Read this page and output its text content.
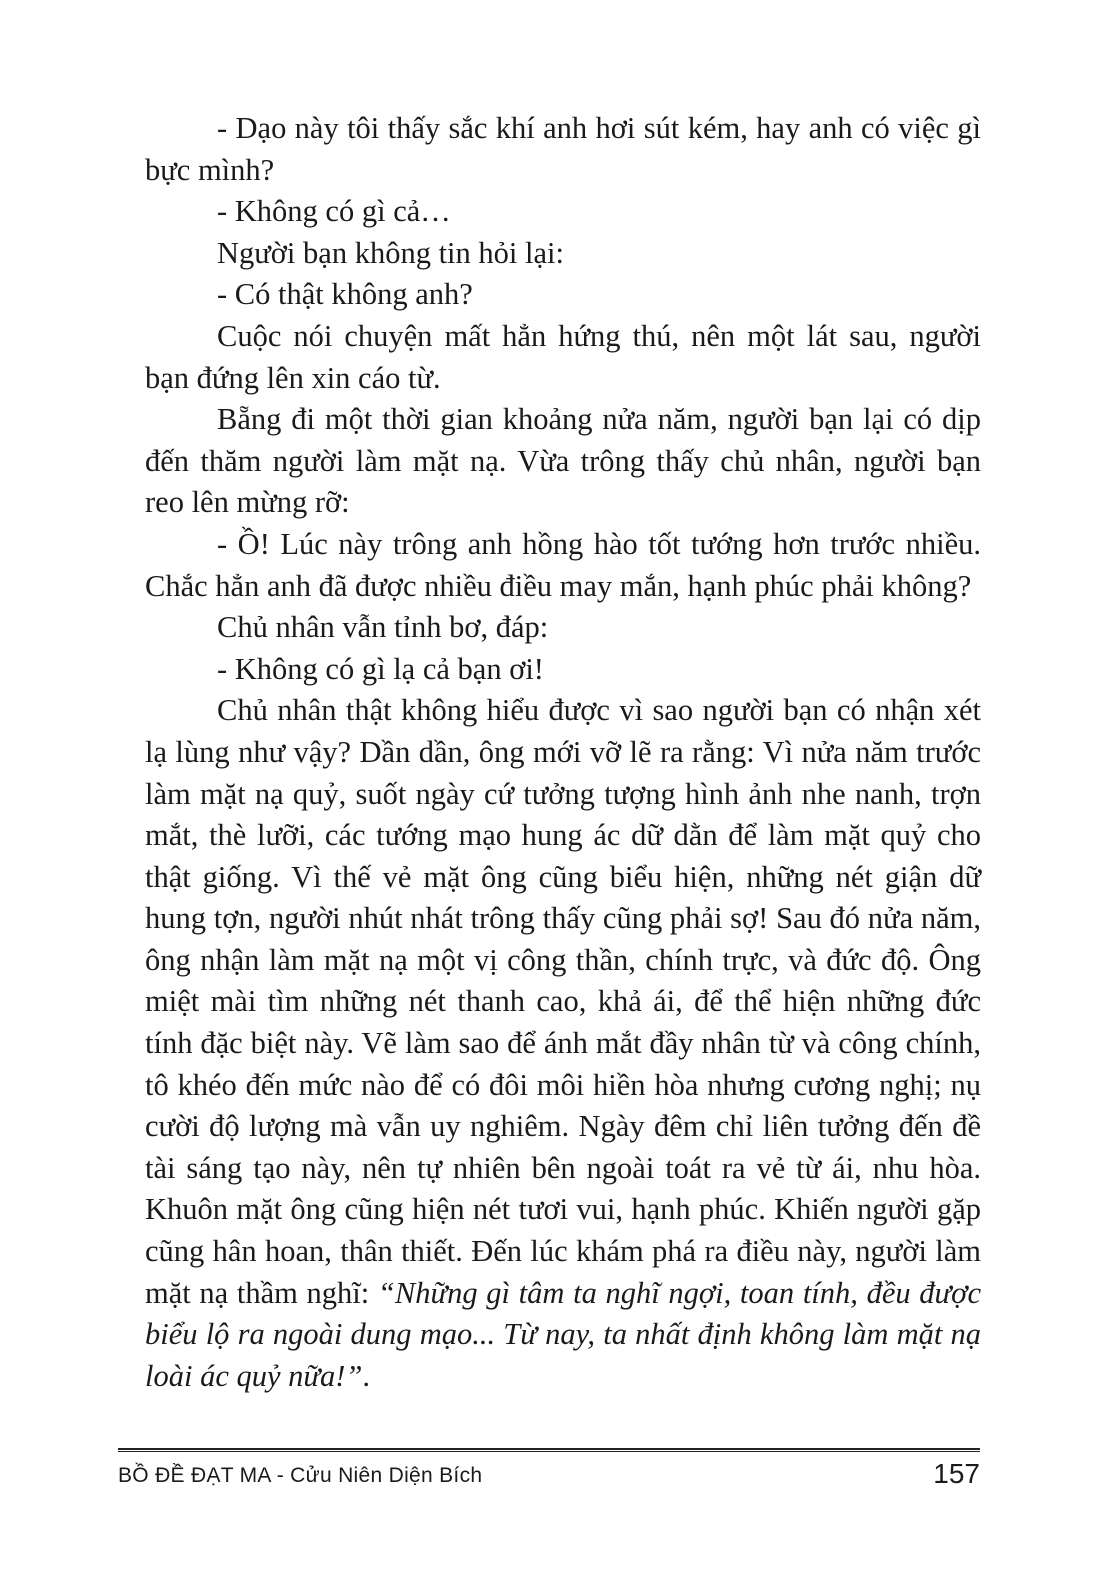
- Dạo này tôi thấy sắc khí anh hơi sút kém, hay anh có việc gì bực mình?

- Không có gì cả…

Người bạn không tin hỏi lại:

- Có thật không anh?

Cuộc nói chuyện mất hẳn hứng thú, nên một lát sau, người bạn đứng lên xin cáo từ.

Bẵng đi một thời gian khoảng nửa năm, người bạn lại có dịp đến thăm người làm mặt nạ. Vừa trông thấy chủ nhân, người bạn reo lên mừng rỡ:

- Ồ! Lúc này trông anh hồng hào tốt tướng hơn trước nhiều. Chắc hẳn anh đã được nhiều điều may mắn, hạnh phúc phải không?

Chủ nhân vẫn tỉnh bơ, đáp:

- Không có gì lạ cả bạn ơi!

Chủ nhân thật không hiểu được vì sao người bạn có nhận xét lạ lùng như vậy? Dần dần, ông mới vỡ lẽ ra rằng: Vì nửa năm trước làm mặt nạ quỷ, suốt ngày cứ tưởng tượng hình ảnh nhe nanh, trợn mắt, thè lưỡi, các tướng mạo hung ác dữ dằn để làm mặt quỷ cho thật giống. Vì thế vẻ mặt ông cũng biểu hiện, những nét giận dữ hung tợn, người nhút nhát trông thấy cũng phải sợ! Sau đó nửa năm, ông nhận làm mặt nạ một vị công thần, chính trực, và đức độ. Ông miệt mài tìm những nét thanh cao, khả ái, để thể hiện những đức tính đặc biệt này. Vẽ làm sao để ánh mắt đầy nhân từ và công chính, tô khéo đến mức nào để có đôi môi hiền hòa nhưng cương nghị; nụ cười độ lượng mà vẫn uy nghiêm. Ngày đêm chỉ liên tưởng đến đề tài sáng tạo này, nên tự nhiên bên ngoài toát ra vẻ từ ái, nhu hòa. Khuôn mặt ông cũng hiện nét tươi vui, hạnh phúc. Khiến người gặp cũng hân hoan, thân thiết. Đến lúc khám phá ra điều này, người làm mặt nạ thầm nghĩ: “Những gì tâm ta nghĩ ngợi, toan tính, đều được biểu lộ ra ngoài dung mạo... Từ nay, ta nhất định không làm mặt nạ loài ác quỷ nữa!”.

BỒ ĐỀ ĐẠT MA - Cửu Niên Diện Bích	157
